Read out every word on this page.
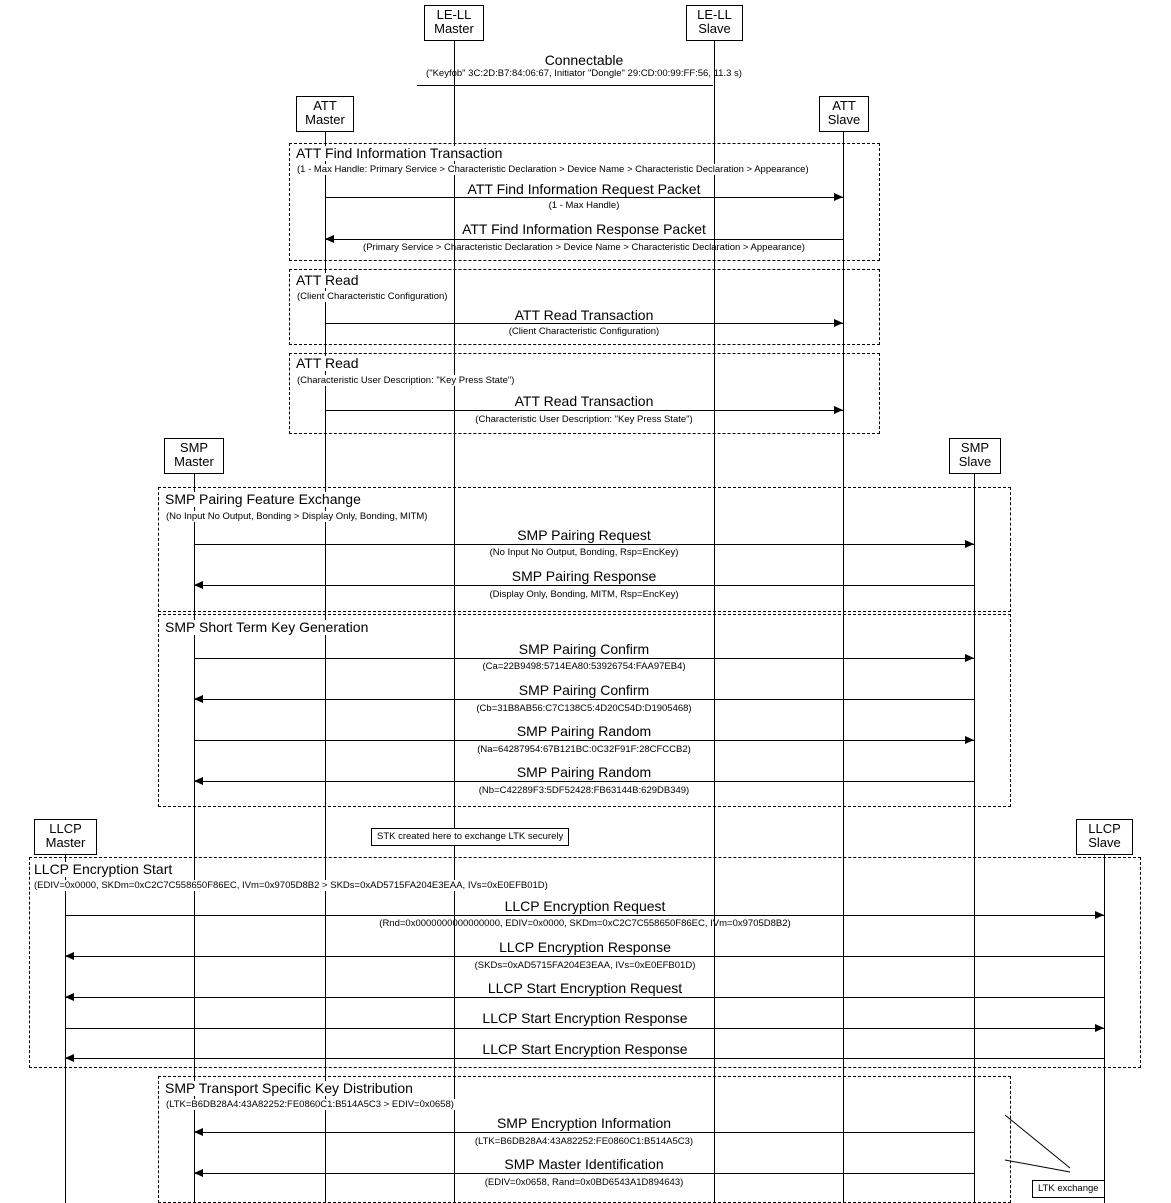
LE-LL
Master
LE-LL
Slave
ATT
Master
ATT
Slave
SMP
Master
SMP
Slave
LLCP
Master
LLCP
Slave
Connectable
("Keyfob" 3C:2D:B7:84:06:67, Initiator "Dongle" 29:CD:00:99:FF:56, 11.3 s)
ATT Find Information Transaction
(1 - Max Handle: Primary Service > Characteristic Declaration > Device Name > Characteristic Declaration > Appearance)
ATT Find Information Request Packet
(1 - Max Handle)
ATT Find Information Response Packet
(Primary Service > Characteristic Declaration > Device Name > Characteristic Declaration > Appearance)
ATT Read
(Client Characteristic Configuration)
ATT Read Transaction
(Client Characteristic Configuration)
ATT Read
(Characteristic User Description: "Key Press State")
ATT Read Transaction
(Characteristic User Description: "Key Press State")
SMP Pairing Feature Exchange
(No Input No Output, Bonding > Display Only, Bonding, MITM)
SMP Pairing Request
(No Input No Output, Bonding, Rsp=EncKey)
SMP Pairing Response
(Display Only, Bonding, MITM, Rsp=EncKey)
SMP Short Term Key Generation
SMP Pairing Confirm
(Ca=22B9498:5714EA80:53926754:FAA97EB4)
SMP Pairing Confirm
(Cb=31B8AB56:C7C138C5:4D20C54D:D1905468)
SMP Pairing Random
(Na=64287954:67B121BC:0C32F91F:28CFCCB2)
SMP Pairing Random
(Nb=C42289F3:5DF52428:FB63144B:629DB349)
STK created here to exchange LTK securely
LLCP Encryption Start
(EDIV=0x0000, SKDm=0xC2C7C558650F86EC, IVm=0x9705D8B2 > SKDs=0xAD5715FA204E3EAA, IVs=0xE0EFB01D)
LLCP Encryption Request
(Rnd=0x0000000000000000, EDIV=0x0000, SKDm=0xC2C7C558650F86EC, IVm=0x9705D8B2)
LLCP Encryption Response
(SKDs=0xAD5715FA204E3EAA, IVs=0xE0EFB01D)
LLCP Start Encryption Request
LLCP Start Encryption Response
LLCP Start Encryption Response
SMP Transport Specific Key Distribution
(LTK=B6DB28A4:43A82252:FE0860C1:B514A5C3 > EDIV=0x0658)
SMP Encryption Information
(LTK=B6DB28A4:43A82252:FE0860C1:B514A5C3)
SMP Master Identification
(EDIV=0x0658, Rand=0x0BD6543A1D894643)
LTK exchange
